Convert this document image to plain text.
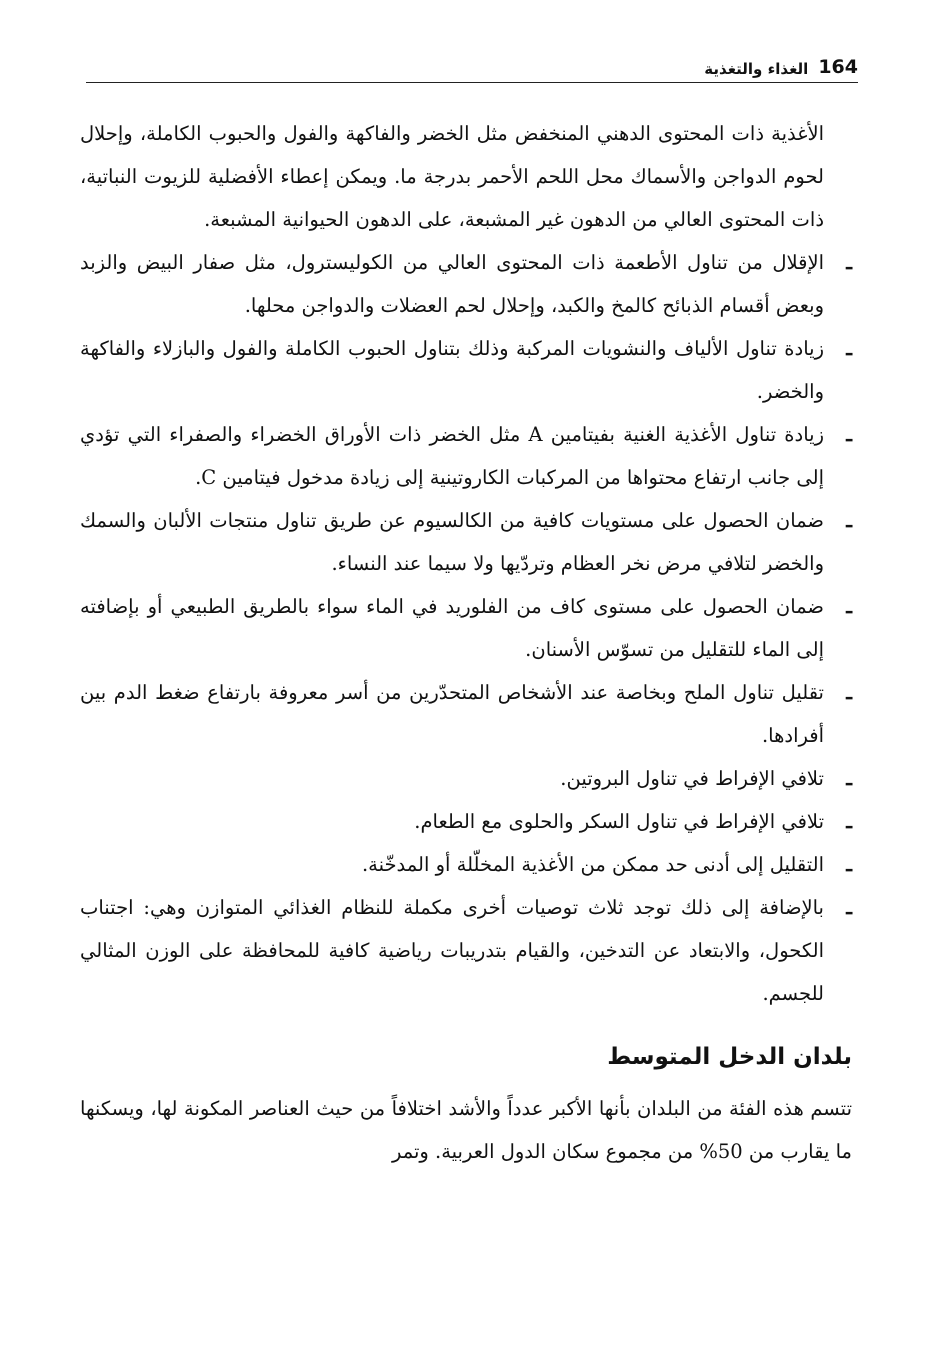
164
الغذاء والتغذية

الأغذية ذات المحتوى الدهني المنخفض مثل الخضر والفاكهة والفول والحبوب الكاملة، وإحلال لحوم الدواجن والأسماك محل اللحم الأحمر بدرجة ما. ويمكن إعطاء الأفضلية للزيوت النباتية، ذات المحتوى العالي من الدهون غير المشبعة، على الدهون الحيوانية المشبعة.

ـ
الإقلال من تناول الأطعمة ذات المحتوى العالي من الكوليسترول، مثل صفار البيض والزبد وبعض أقسام الذبائح كالمخ والكبد، وإحلال لحم العضلات والدواجن محلها.
ـ
زيادة تناول الألياف والنشويات المركبة وذلك بتناول الحبوب الكاملة والفول والبازلاء والفاكهة والخضر.
ـ
زيادة تناول الأغذية الغنية بفيتامين A مثل الخضر ذات الأوراق الخضراء والصفراء التي تؤدي إلى جانب ارتفاع محتواها من المركبات الكاروتينية إلى زيادة مدخول فيتامين C.
ـ
ضمان الحصول على مستويات كافية من الكالسيوم عن طريق تناول منتجات الألبان والسمك والخضر لتلافي مرض نخر العظام وتردّيها ولا سيما عند النساء.
ـ
ضمان الحصول على مستوى كاف من الفلوريد في الماء سواء بالطريق الطبيعي أو بإضافته إلى الماء للتقليل من تسوّس الأسنان.
ـ
تقليل تناول الملح وبخاصة عند الأشخاص المتحدّرين من أسر معروفة بارتفاع ضغط الدم بين أفرادها.
ـ
تلافي الإفراط في تناول البروتين.
ـ
تلافي الإفراط في تناول السكر والحلوى مع الطعام.
ـ
التقليل إلى أدنى حد ممكن من الأغذية المخلّلة أو المدخّنة.
ـ
بالإضافة إلى ذلك توجد ثلاث توصيات أخرى مكملة للنظام الغذائي المتوازن وهي: اجتناب الكحول، والابتعاد عن التدخين، والقيام بتدريبات رياضية كافية للمحافظة على الوزن المثالي للجسم.
بلدان الدخل المتوسط

تتسم هذه الفئة من البلدان بأنها الأكبر عدداً والأشد اختلافاً من حيث العناصر المكونة لها، ويسكنها ما يقارب من 50% من مجموع سكان الدول العربية. وتمر
